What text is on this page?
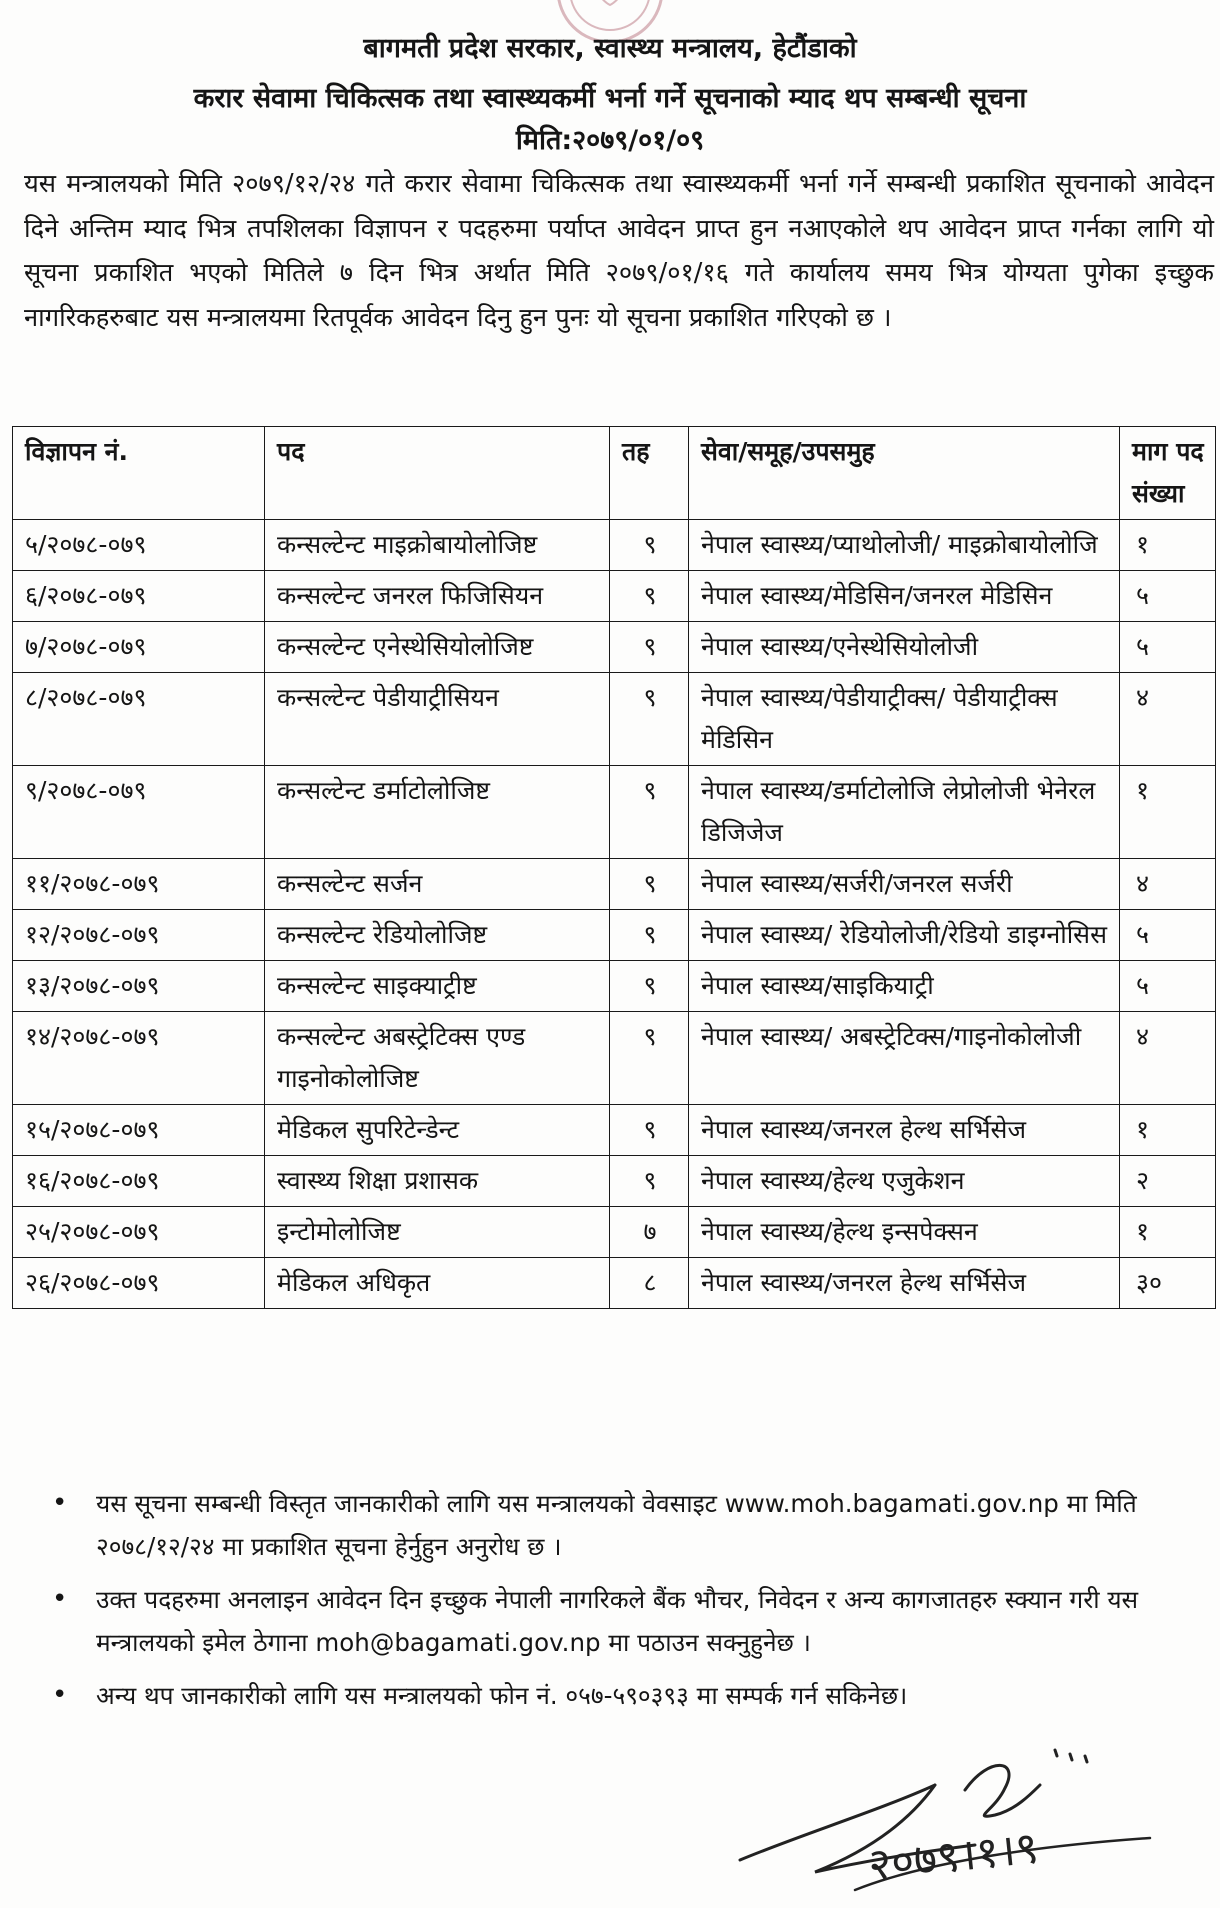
बागमती प्रदेश सरकार, स्वास्थ्य मन्त्रालय, हेटौंडाको
करार सेवामा चिकित्सक तथा स्वास्थ्यकर्मी भर्ना गर्ने सूचनाको म्याद थप सम्बन्धी सूचना
मिति:२०७९/०१/०९
यस मन्त्रालयको मिति २०७९/१२/२४ गते करार सेवामा चिकित्सक तथा स्वास्थ्यकर्मी भर्ना गर्ने सम्बन्धी प्रकाशित सूचनाको आवेदन दिने अन्तिम म्याद भित्र तपशिलका विज्ञापन र पदहरुमा पर्याप्त आवेदन प्राप्त हुन नआएकोले थप आवेदन प्राप्त गर्नका लागि यो सूचना प्रकाशित भएको मितिले ७ दिन भित्र अर्थात मिति २०७९/०१/१६ गते कार्यालय समय भित्र योग्यता पुगेका इच्छुक नागरिकहरुबाट यस मन्त्रालयमा रितपूर्वक आवेदन दिनु हुन पुनः यो सूचना प्रकाशित गरिएको छ ।
विज्ञापन नं.	पद	तह	सेवा/समूह/उपसमुह	माग पद संख्या
५/२०७८-०७९	कन्सल्टेन्ट माइक्रोबायोलोजिष्ट	९	नेपाल स्वास्थ्य/प्याथोलोजी/ माइक्रोबायोलोजि	१
६/२०७८-०७९	कन्सल्टेन्ट जनरल फिजिसियन	९	नेपाल स्वास्थ्य/मेडिसिन/जनरल मेडिसिन	५
७/२०७८-०७९	कन्सल्टेन्ट एनेस्थेसियोलोजिष्ट	९	नेपाल स्वास्थ्य/एनेस्थेसियोलोजी	५
८/२०७८-०७९	कन्सल्टेन्ट पेडीयाट्रीसियन	९	नेपाल स्वास्थ्य/पेडीयाट्रीक्स/ पेडीयाट्रीक्स मेडिसिन	४
९/२०७८-०७९	कन्सल्टेन्ट डर्माटोलोजिष्ट	९	नेपाल स्वास्थ्य/डर्माटोलोजि लेप्रोलोजी भेनेरल डिजिजेज	१
११/२०७८-०७९	कन्सल्टेन्ट सर्जन	९	नेपाल स्वास्थ्य/सर्जरी/जनरल सर्जरी	४
१२/२०७८-०७९	कन्सल्टेन्ट रेडियोलोजिष्ट	९	नेपाल स्वास्थ्य/ रेडियोलोजी/रेडियो डाइग्नोसिस	५
१३/२०७८-०७९	कन्सल्टेन्ट साइक्याट्रीष्ट	९	नेपाल स्वास्थ्य/साइकियाट्री	५
१४/२०७८-०७९	कन्सल्टेन्ट अबस्ट्रेटिक्स एण्ड गाइनोकोलोजिष्ट	९	नेपाल स्वास्थ्य/ अबस्ट्रेटिक्स/गाइनोकोलोजी	४
१५/२०७८-०७९	मेडिकल सुपरिटेन्डेन्ट	९	नेपाल स्वास्थ्य/जनरल हेल्थ सर्भिसेज	१
१६/२०७८-०७९	स्वास्थ्य शिक्षा प्रशासक	९	नेपाल स्वास्थ्य/हेल्थ एजुकेशन	२
२५/२०७८-०७९	इन्टोमोलोजिष्ट	७	नेपाल स्वास्थ्य/हेल्थ इन्सपेक्सन	१
२६/२०७८-०७९	मेडिकल अधिकृत	८	नेपाल स्वास्थ्य/जनरल हेल्थ सर्भिसेज	३०
• यस सूचना सम्बन्धी विस्तृत जानकारीको लागि यस मन्त्रालयको वेवसाइट www.moh.bagamati.gov.np मा मिति २०७८/१२/२४ मा प्रकाशित सूचना हेर्नुहुन अनुरोध छ ।
• उक्त पदहरुमा अनलाइन आवेदन दिन इच्छुक नेपाली नागरिकले बैंक भौचर, निवेदन र अन्य कागजातहरु स्क्यान गरी यस मन्त्रालयको इमेल ठेगाना moh@bagamati.gov.np मा पठाउन सक्नुहुनेछ ।
• अन्य थप जानकारीको लागि यस मन्त्रालयको फोन नं. ०५७-५९०३९३ मा सम्पर्क गर्न सकिनेछ।
२०७९।१।९
